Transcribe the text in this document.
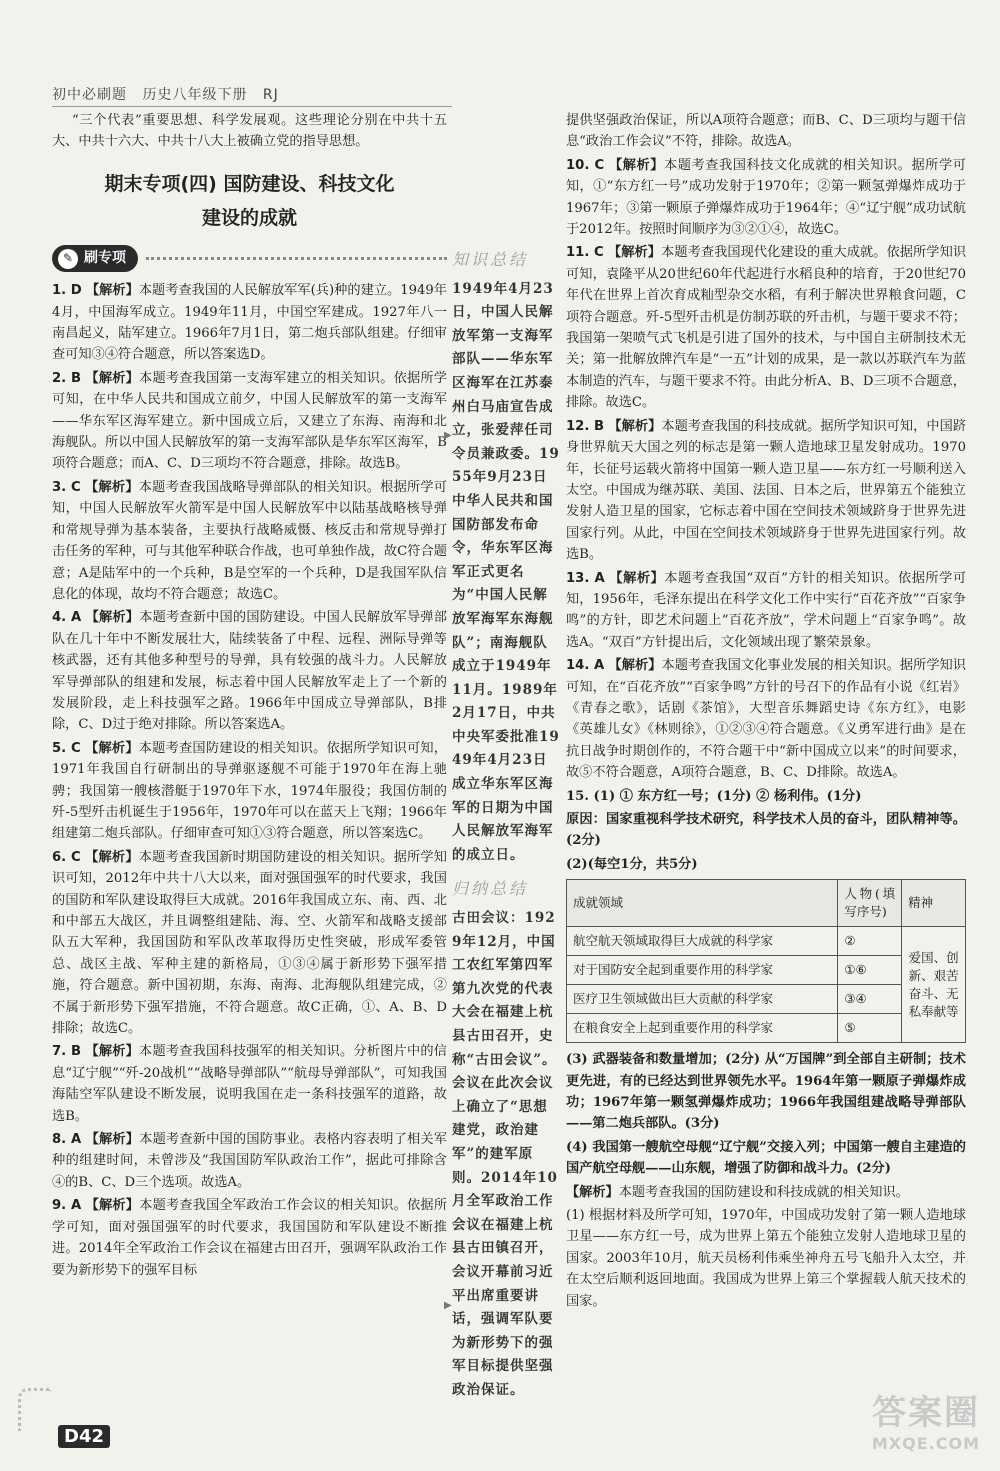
初中必刷题 历史八年级下册 RJ

“三个代表”重要思想、科学发展观。这些理论分别在中共十五大、中共十六大、中共十八大上被确立党的指导思想。

期末专项(四) 国防建设、科技文化
建设的成就
✎ 刷专项
1. D 【解析】本题考查我国的人民解放军军(兵)种的建立。1949年4月，中国海军成立。1949年11月，中国空军建成。1927年八一南昌起义，陆军建立。1966年7月1日，第二炮兵部队组建。仔细审查可知③④符合题意，所以答案选D。
2. B 【解析】本题考查我国第一支海军建立的相关知识。依据所学可知，在中华人民共和国成立前夕，中国人民解放军的第一支海军——华东军区海军建立。新中国成立后，又建立了东海、南海和北海舰队。所以中国人民解放军的第一支海军部队是华东军区海军，B项符合题意；而A、C、D三项均不符合题意，排除。故选B。
3. C 【解析】本题考查我国战略导弹部队的相关知识。根据所学可知，中国人民解放军火箭军是中国人民解放军中以陆基战略核导弹和常规导弹为基本装备，主要执行战略威慑、核反击和常规导弹打击任务的军种，可与其他军种联合作战，也可单独作战，故C符合题意；A是陆军中的一个兵种，B是空军的一个兵种，D是我国军队信息化的体现，故均不符合题意；故选C。
4. A 【解析】本题考查新中国的国防建设。中国人民解放军导弹部队在几十年中不断发展壮大，陆续装备了中程、远程、洲际导弹等核武器，还有其他多种型号的导弹，具有较强的战斗力。人民解放军导弹部队的组建和发展，标志着中国人民解放军走上了一个新的发展阶段，走上科技强军之路。1966年中国成立导弹部队，B排除，C、D过于绝对排除。所以答案选A。
5. C 【解析】本题考查国防建设的相关知识。依据所学知识可知，1971年我国自行研制出的导弹驱逐舰不可能于1970年在海上驰骋；我国第一艘核潜艇于1970年下水，1974年服役；我国仿制的歼-5型歼击机诞生于1956年，1970年可以在蓝天上飞翔；1966年组建第二炮兵部队。仔细审查可知①③符合题意，所以答案选C。
6. C 【解析】本题考查我国新时期国防建设的相关知识。据所学知识可知，2012年中共十八大以来，面对强国强军的时代要求，我国的国防和军队建设取得巨大成就。2016年我国成立东、南、西、北和中部五大战区，并且调整组建陆、海、空、火箭军和战略支援部队五大军种，我国国防和军队改革取得历史性突破，形成军委管总、战区主战、军种主建的新格局，①③④属于新形势下强军措施，符合题意。新中国初期，东海、南海、北海舰队组建完成，②不属于新形势下强军措施，不符合题意。故C正确，①、A、B、D排除；故选C。
7. B 【解析】本题考查我国科技强军的相关知识。分析图片中的信息“辽宁舰”“歼-20战机”“战略导弹部队”“航母导弹部队”，可知我国海陆空军队建设不断发展，说明我国在走一条科技强军的道路，故选B。
8. A 【解析】本题考查新中国的国防事业。表格内容表明了相关军种的组建时间，未曾涉及“我国国防军队政治工作”，据此可排除含④的B、C、D三个选项。故选A。
9. A 【解析】本题考查我国全军政治工作会议的相关知识。依据所学可知，面对强国强军的时代要求，我国国防和军队建设不断推进。2014年全军政治工作会议在福建古田召开，强调军队政治工作要为新形势下的强军目标
知识总结
1949年4月23日，中国人民解放军第一支海军部队——华东军区海军在江苏泰州白马庙宣告成立，张爱萍任司令员兼政委。1955年9月23日中华人民共和国国防部发布命令，华东军区海军正式更名为“中国人民解放军海军东海舰队”；南海舰队成立于1949年11月。1989年2月17日，中共中央军委批准1949年4月23日成立华东军区海军的日期为中国人民解放军海军的成立日。
归纳总结
古田会议：1929年12月，中国工农红军第四军第九次党的代表大会在福建上杭县古田召开，史称“古田会议”。会议在此次会议上确立了“思想建党，政治建军”的建军原则。2014年10月全军政治工作会议在福建上杭县古田镇召开，会议开幕前习近平出席重要讲话，强调军队要为新形势下的强军目标提供坚强政治保证。
▶
▶
提供坚强政治保证，所以A项符合题意；而B、C、D三项均与题干信息“政治工作会议”不符，排除。故选A。
10. C 【解析】本题考查我国科技文化成就的相关知识。据所学可知，①“东方红一号”成功发射于1970年；②第一颗氢弹爆炸成功于1967年；③第一颗原子弹爆炸成功于1964年；④“辽宁舰”成功试航于2012年。按照时间顺序为③②①④，故选C。
11. C 【解析】本题考查我国现代化建设的重大成就。依据所学知识可知，袁隆平从20世纪60年代起进行水稻良种的培育，于20世纪70年代在世界上首次育成籼型杂交水稻，有利于解决世界粮食问题，C项符合题意。歼-5型歼击机是仿制苏联的歼击机，与题干要求不符；我国第一架喷气式飞机是引进了国外的技术，与中国自主研制技术无关；第一批解放牌汽车是“一五”计划的成果，是一款以苏联汽车为蓝本制造的汽车，与题干要求不符。由此分析A、B、D三项不合题意，排除。故选C。
12. B 【解析】本题考查我国的科技成就。据所学知识可知，中国跻身世界航天大国之列的标志是第一颗人造地球卫星发射成功。1970年，长征号运载火箭将中国第一颗人造卫星——东方红一号顺利送入太空。中国成为继苏联、美国、法国、日本之后，世界第五个能独立发射人造卫星的国家，它标志着中国在空间技术领域跻身于世界先进国家行列。从此，中国在空间技术领域跻身于世界先进国家行列。故选B。
13. A 【解析】本题考查我国“双百”方针的相关知识。依据所学可知，1956年，毛泽东提出在科学文化工作中实行“百花齐放”“百家争鸣”的方针，即艺术问题上“百花齐放”，学术问题上“百家争鸣”。故选A。“双百”方针提出后，文化领域出现了繁荣景象。
14. A 【解析】本题考查我国文化事业发展的相关知识。据所学知识可知，在“百花齐放”“百家争鸣”方针的号召下的作品有小说《红岩》《青春之歌》，话剧《茶馆》，大型音乐舞蹈史诗《东方红》，电影《英雄儿女》《林则徐》，①②③④符合题意。《义勇军进行曲》是在抗日战争时期创作的，不符合题干中“新中国成立以来”的时间要求，故⑤不符合题意，A项符合题意，B、C、D排除。故选A。
15. (1) ① 东方红一号；(1分) ② 杨利伟。(1分)
原因：国家重视科学技术研究，科学技术人员的奋斗，团队精神等。(2分)
(2)(每空1分，共5分)
成就领域	人物(填写序号)	精神
航空航天领域取得巨大成就的科学家	②	爱国、创新、艰苦奋斗、无私奉献等
对于国防安全起到重要作用的科学家	①⑥	
医疗卫生领域做出巨大贡献的科学家	③④	
在粮食安全上起到重要作用的科学家	⑤	
(3) 武器装备和数量增加；(2分) 从“万国牌”到全部自主研制；技术更先进，有的已经达到世界领先水平。1964年第一颗原子弹爆炸成功；1967年第一颗氢弹爆炸成功；1966年我国组建战略导弹部队——第二炮兵部队。(3分)
(4) 我国第一艘航空母舰“辽宁舰”交接入列；中国第一艘自主建造的国产航空母舰——山东舰，增强了防御和战斗力。(2分)
【解析】本题考查我国的国防建设和科技成就的相关知识。
(1) 根据材料及所学可知，1970年，中国成功发射了第一颗人造地球卫星——东方红一号，成为世界上第五个能独立发射人造地球卫星的国家。2003年10月，航天员杨利伟乘坐神舟五号飞船升入太空，并在太空后顺利返回地面。我国成为世界上第三个掌握载人航天技术的国家。
D42
答案圈
MXQE.COM
